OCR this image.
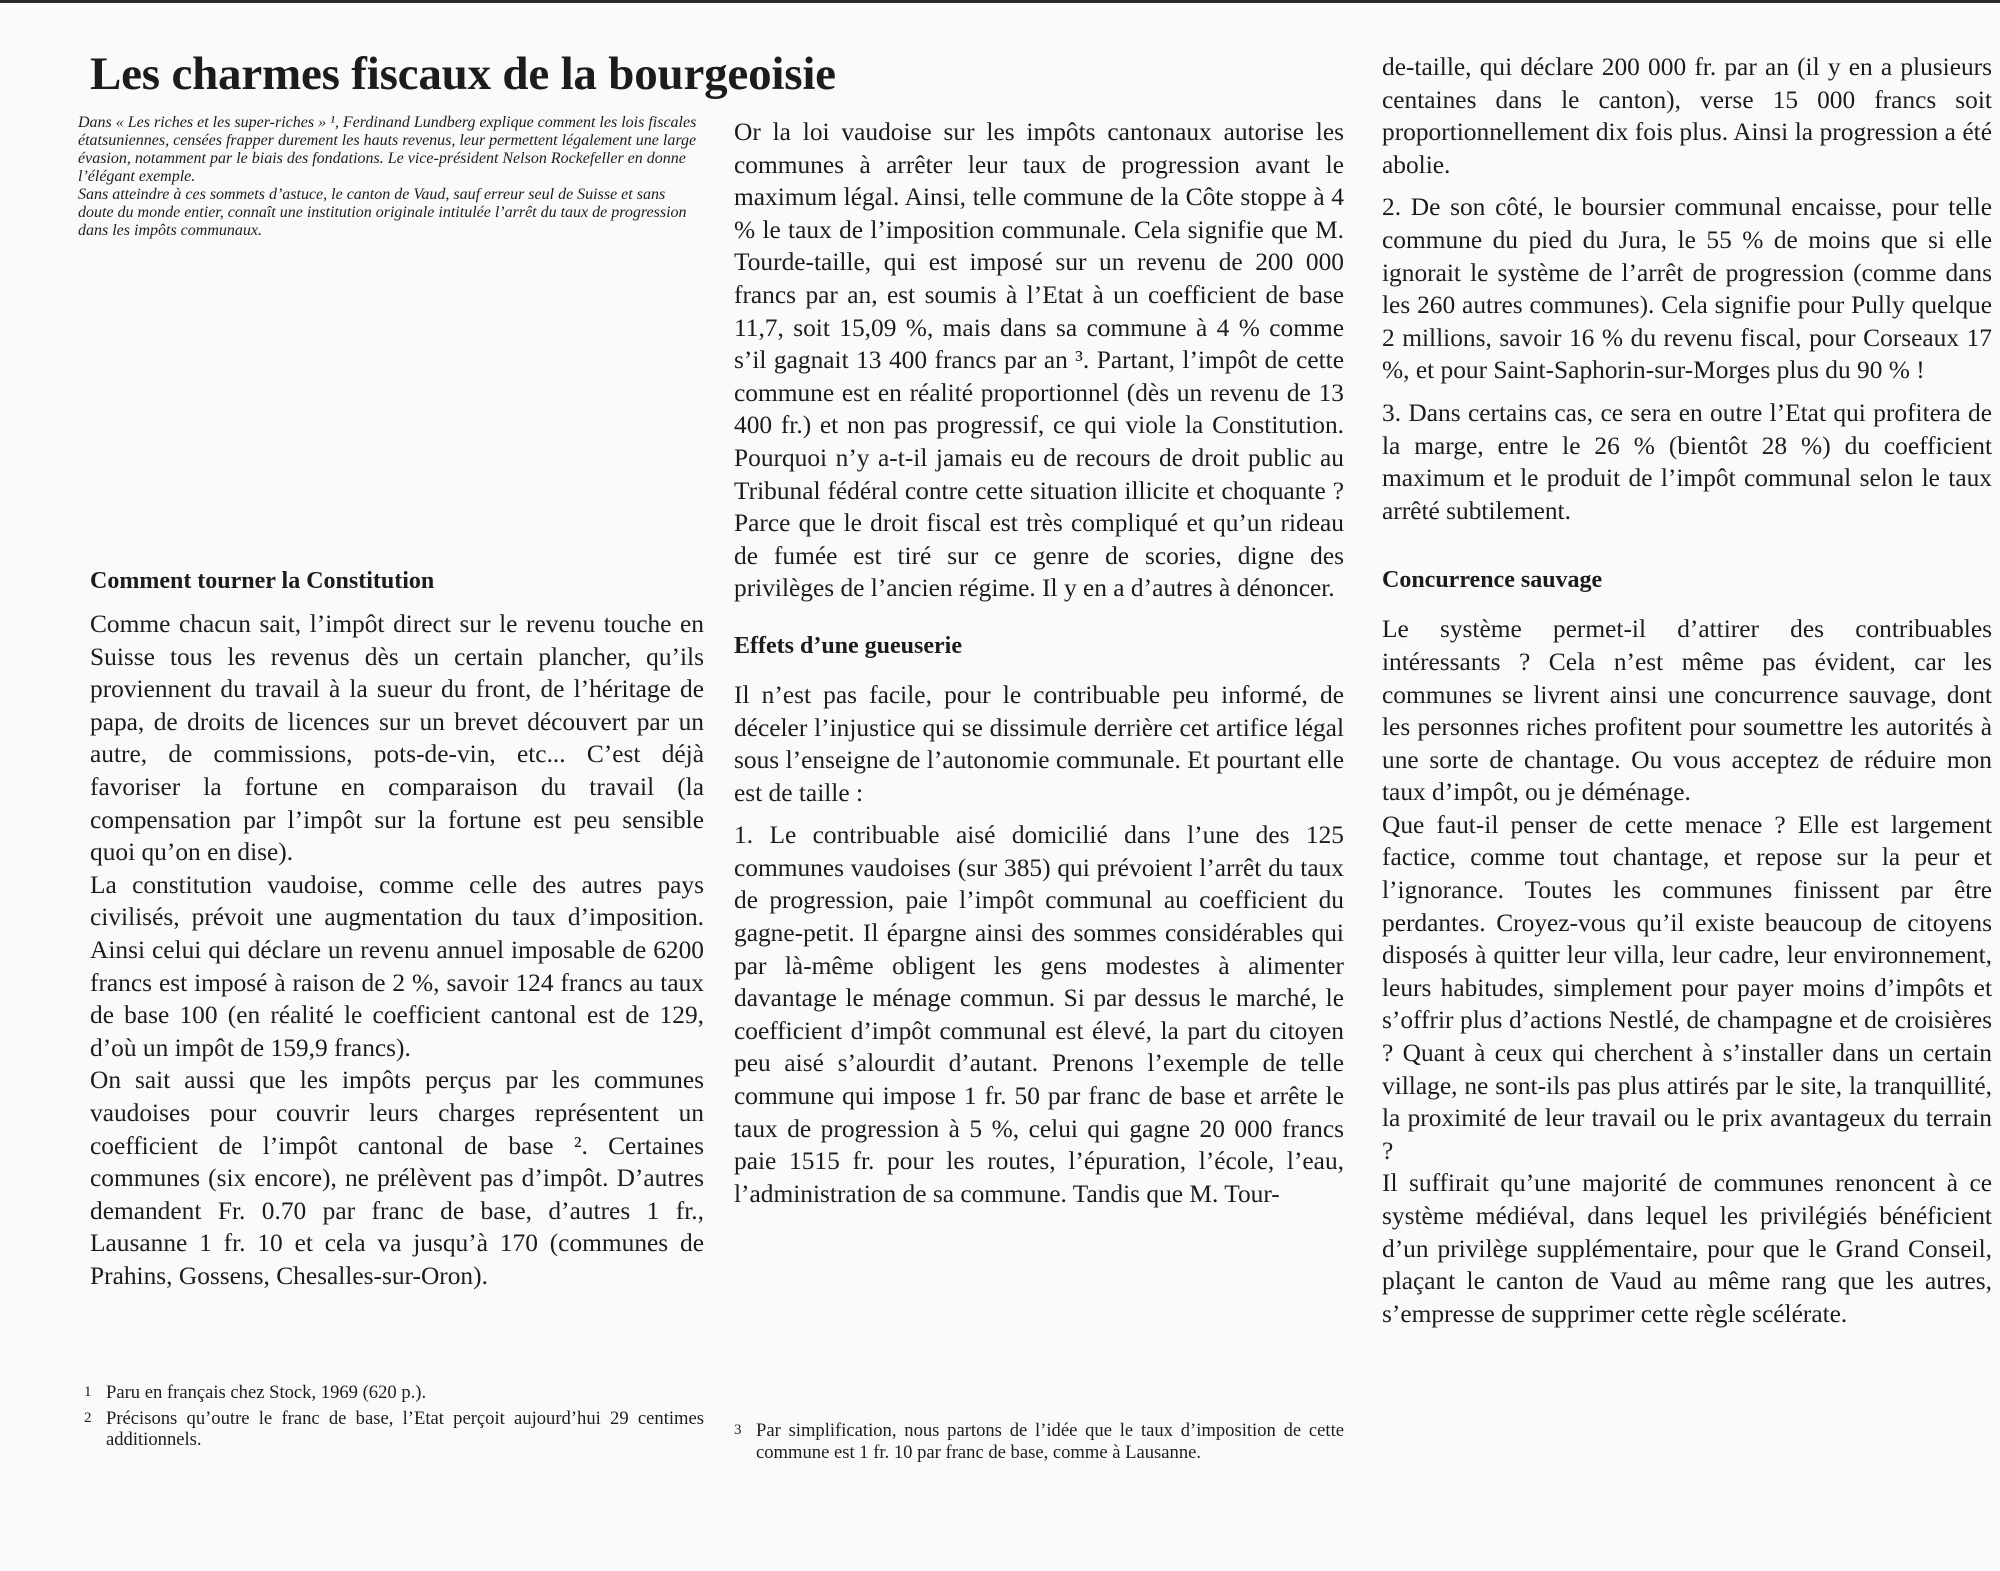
Les charmes fiscaux de la bourgeoisie

Dans « Les riches et les super-riches » ¹, Ferdinand Lundberg explique comment les lois fiscales étatsuniennes, censées frapper durement les hauts revenus, leur permettent légalement une large évasion, notamment par le biais des fondations. Le vice-président Nelson Rockefeller en donne l’élégant exemple.

Sans atteindre à ces sommets d’astuce, le canton de Vaud, sauf erreur seul de Suisse et sans doute du monde entier, connaît une institution originale intitulée l’arrêt du taux de progression dans les impôts communaux.

Comment tourner la Constitution

Comme chacun sait, l’impôt direct sur le revenu touche en Suisse tous les revenus dès un certain plancher, qu’ils proviennent du travail à la sueur du front, de l’héritage de papa, de droits de licences sur un brevet découvert par un autre, de commissions, pots-de-vin, etc... C’est déjà favoriser la fortune en comparaison du travail (la compensation par l’impôt sur la fortune est peu sensible quoi qu’on en dise).

La constitution vaudoise, comme celle des autres pays civilisés, prévoit une augmentation du taux d’imposition. Ainsi celui qui déclare un revenu annuel imposable de 6200 francs est imposé à raison de 2 %, savoir 124 francs au taux de base 100 (en réalité le coefficient cantonal est de 129, d’où un impôt de 159,9 francs).

On sait aussi que les impôts perçus par les communes vaudoises pour couvrir leurs charges représentent un coefficient de l’impôt cantonal de base ². Certaines communes (six encore), ne prélèvent pas d’impôt. D’autres demandent Fr. 0.70 par franc de base, d’autres 1 fr., Lausanne 1 fr. 10 et cela va jusqu’à 170 (communes de Prahins, Gossens, Chesalles-sur-Oron).

1 Paru en français chez Stock, 1969 (620 p.).
2 Précisons qu’outre le franc de base, l’Etat perçoit aujourd’hui 29 centimes additionnels.

Or la loi vaudoise sur les impôts cantonaux autorise les communes à arrêter leur taux de progression avant le maximum légal. Ainsi, telle commune de la Côte stoppe à 4 % le taux de l’imposition communale. Cela signifie que M. Tourde-taille, qui est imposé sur un revenu de 200 000 francs par an, est soumis à l’Etat à un coefficient de base 11,7, soit 15,09 %, mais dans sa commune à 4 % comme s’il gagnait 13 400 francs par an ³. Partant, l’impôt de cette commune est en réalité proportionnel (dès un revenu de 13 400 fr.) et non pas progressif, ce qui viole la Constitution. Pourquoi n’y a-t-il jamais eu de recours de droit public au Tribunal fédéral contre cette situation illicite et choquante ? Parce que le droit fiscal est très compliqué et qu’un rideau de fumée est tiré sur ce genre de scories, digne des privilèges de l’ancien régime. Il y en a d’autres à dénoncer.

Effets d’une gueuserie

Il n’est pas facile, pour le contribuable peu informé, de déceler l’injustice qui se dissimule derrière cet artifice légal sous l’enseigne de l’autonomie communale. Et pourtant elle est de taille :

1. Le contribuable aisé domicilié dans l’une des 125 communes vaudoises (sur 385) qui prévoient l’arrêt du taux de progression, paie l’impôt communal au coefficient du gagne-petit. Il épargne ainsi des sommes considérables qui par là-même obligent les gens modestes à alimenter davantage le ménage commun. Si par dessus le marché, le coefficient d’impôt communal est élevé, la part du citoyen peu aisé s’alourdit d’autant. Prenons l’exemple de telle commune qui impose 1 fr. 50 par franc de base et arrête le taux de progression à 5 %, celui qui gagne 20 000 francs paie 1515 fr. pour les routes, l’épuration, l’école, l’eau, l’administration de sa commune. Tandis que M. Tour-

3 Par simplification, nous partons de l’idée que le taux d’imposition de cette commune est 1 fr. 10 par franc de base, comme à Lausanne.

de-taille, qui déclare 200 000 fr. par an (il y en a plusieurs centaines dans le canton), verse 15 000 francs soit proportionnellement dix fois plus. Ainsi la progression a été abolie.

2. De son côté, le boursier communal encaisse, pour telle commune du pied du Jura, le 55 % de moins que si elle ignorait le système de l’arrêt de progression (comme dans les 260 autres communes). Cela signifie pour Pully quelque 2 millions, savoir 16 % du revenu fiscal, pour Corseaux 17 %, et pour Saint-Saphorin-sur-Morges plus du 90 % !

3. Dans certains cas, ce sera en outre l’Etat qui profitera de la marge, entre le 26 % (bientôt 28 %) du coefficient maximum et le produit de l’impôt communal selon le taux arrêté subtilement.

Concurrence sauvage

Le système permet-il d’attirer des contribuables intéressants ? Cela n’est même pas évident, car les communes se livrent ainsi une concurrence sauvage, dont les personnes riches profitent pour soumettre les autorités à une sorte de chantage. Ou vous acceptez de réduire mon taux d’impôt, ou je déménage.

Que faut-il penser de cette menace ? Elle est largement factice, comme tout chantage, et repose sur la peur et l’ignorance. Toutes les communes finissent par être perdantes. Croyez-vous qu’il existe beaucoup de citoyens disposés à quitter leur villa, leur cadre, leur environnement, leurs habitudes, simplement pour payer moins d’impôts et s’offrir plus d’actions Nestlé, de champagne et de croisières ? Quant à ceux qui cherchent à s’installer dans un certain village, ne sont-ils pas plus attirés par le site, la tranquillité, la proximité de leur travail ou le prix avantageux du terrain ?

Il suffirait qu’une majorité de communes renoncent à ce système médiéval, dans lequel les privilégiés bénéficient d’un privilège supplémentaire, pour que le Grand Conseil, plaçant le canton de Vaud au même rang que les autres, s’empresse de supprimer cette règle scélérate.
